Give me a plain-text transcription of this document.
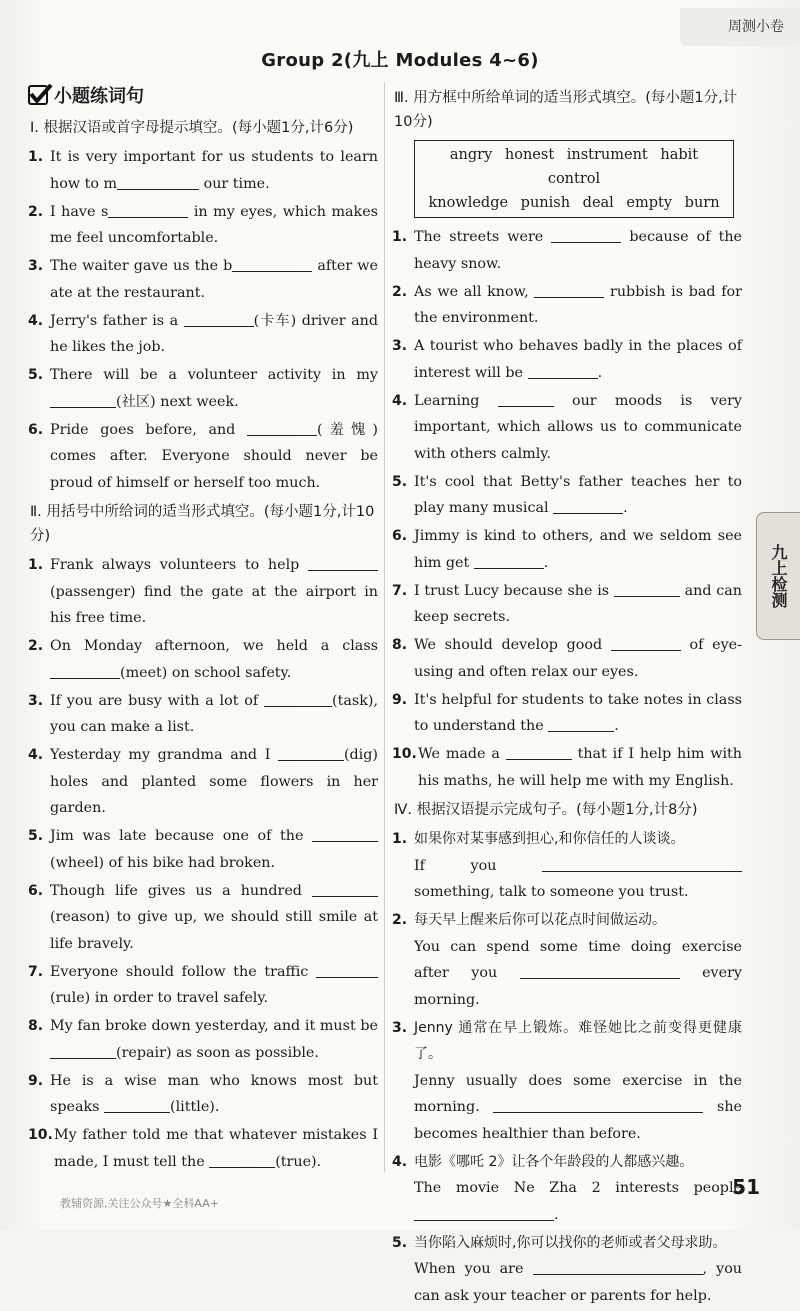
周测小卷
Group 2(九上 Modules 4~6)
小题练词句
Ⅰ. 根据汉语或首字母提示填空。(每小题1分,计6分)
1. It is very important for us students to learn how to m	our time.
2. I have s	in my eyes, which makes me feel uncomfortable.
3. The waiter gave us the b	after we ate at the restaurant.
4. Jerry's father is a	(卡车) driver and he likes the job.
5. There will be a volunteer activity in my (社区) next week.
6. Pride goes before, and	(羞愧) comes after. Everyone should never be proud of himself or herself too much.
Ⅱ. 用括号中所给词的适当形式填空。(每小题1分,计10分)
1. Frank always volunteers to help (passenger) find the gate at the airport in his free time.
2. On Monday afternoon, we held a class (meet) on school safety.
3. If you are busy with a lot of	(task), you can make a list.
4. Yesterday my grandma and I	(dig) holes and planted some flowers in her garden.
5. Jim was late because one of the (wheel) of his bike had broken.
6. Though life gives us a hundred (reason) to give up, we should still smile at life bravely.
7. Everyone should follow the traffic (rule) in order to travel safely.
8. My fan broke down yesterday, and it must be (repair) as soon as possible.
9. He is a wise man who knows most but speaks	(little).
10. My father told me that whatever mistakes I made, I must tell the	(true).
Ⅲ. 用方框中所给单词的适当形式填空。(每小题1分,计10分)
angry honest instrument habit control
knowledge punish deal empty burn
1. The streets were	because of the heavy snow.
2. As we all know,	rubbish is bad for the environment.
3. A tourist who behaves badly in the places of interest will be	.
4. Learning	our moods is very important, which allows us to communicate with others calmly.
5. It's cool that Betty's father teaches her to play many musical	.
6. Jimmy is kind to others, and we seldom see him get	.
7. I trust Lucy because she is	and can keep secrets.
8. We should develop good	of eye-using and often relax our eyes.
9. It's helpful for students to take notes in class to understand the	.
10. We made a	that if I help him with his maths, he will help me with my English.
Ⅳ. 根据汉语提示完成句子。(每小题1分,计8分)
1. 如果你对某事感到担心,和你信任的人谈谈。
If you  something, talk to someone you trust.
2. 每天早上醒来后你可以花点时间做运动。
You can spend some time doing exercise after you	every morning.
3. Jenny 通常在早上锻炼。难怪她比之前变得更健康了。
Jenny usually does some exercise in the morning.	she becomes healthier than before.
4. 电影《哪吒 2》让各个年龄段的人都感兴趣。
The movie Ne Zha 2 interests people .
5. 当你陷入麻烦时,你可以找你的老师或者父母求助。
When you are	, you can ask your teacher or parents for help.
九上检测
教辅资源,关注公众号★全科AA+
51
